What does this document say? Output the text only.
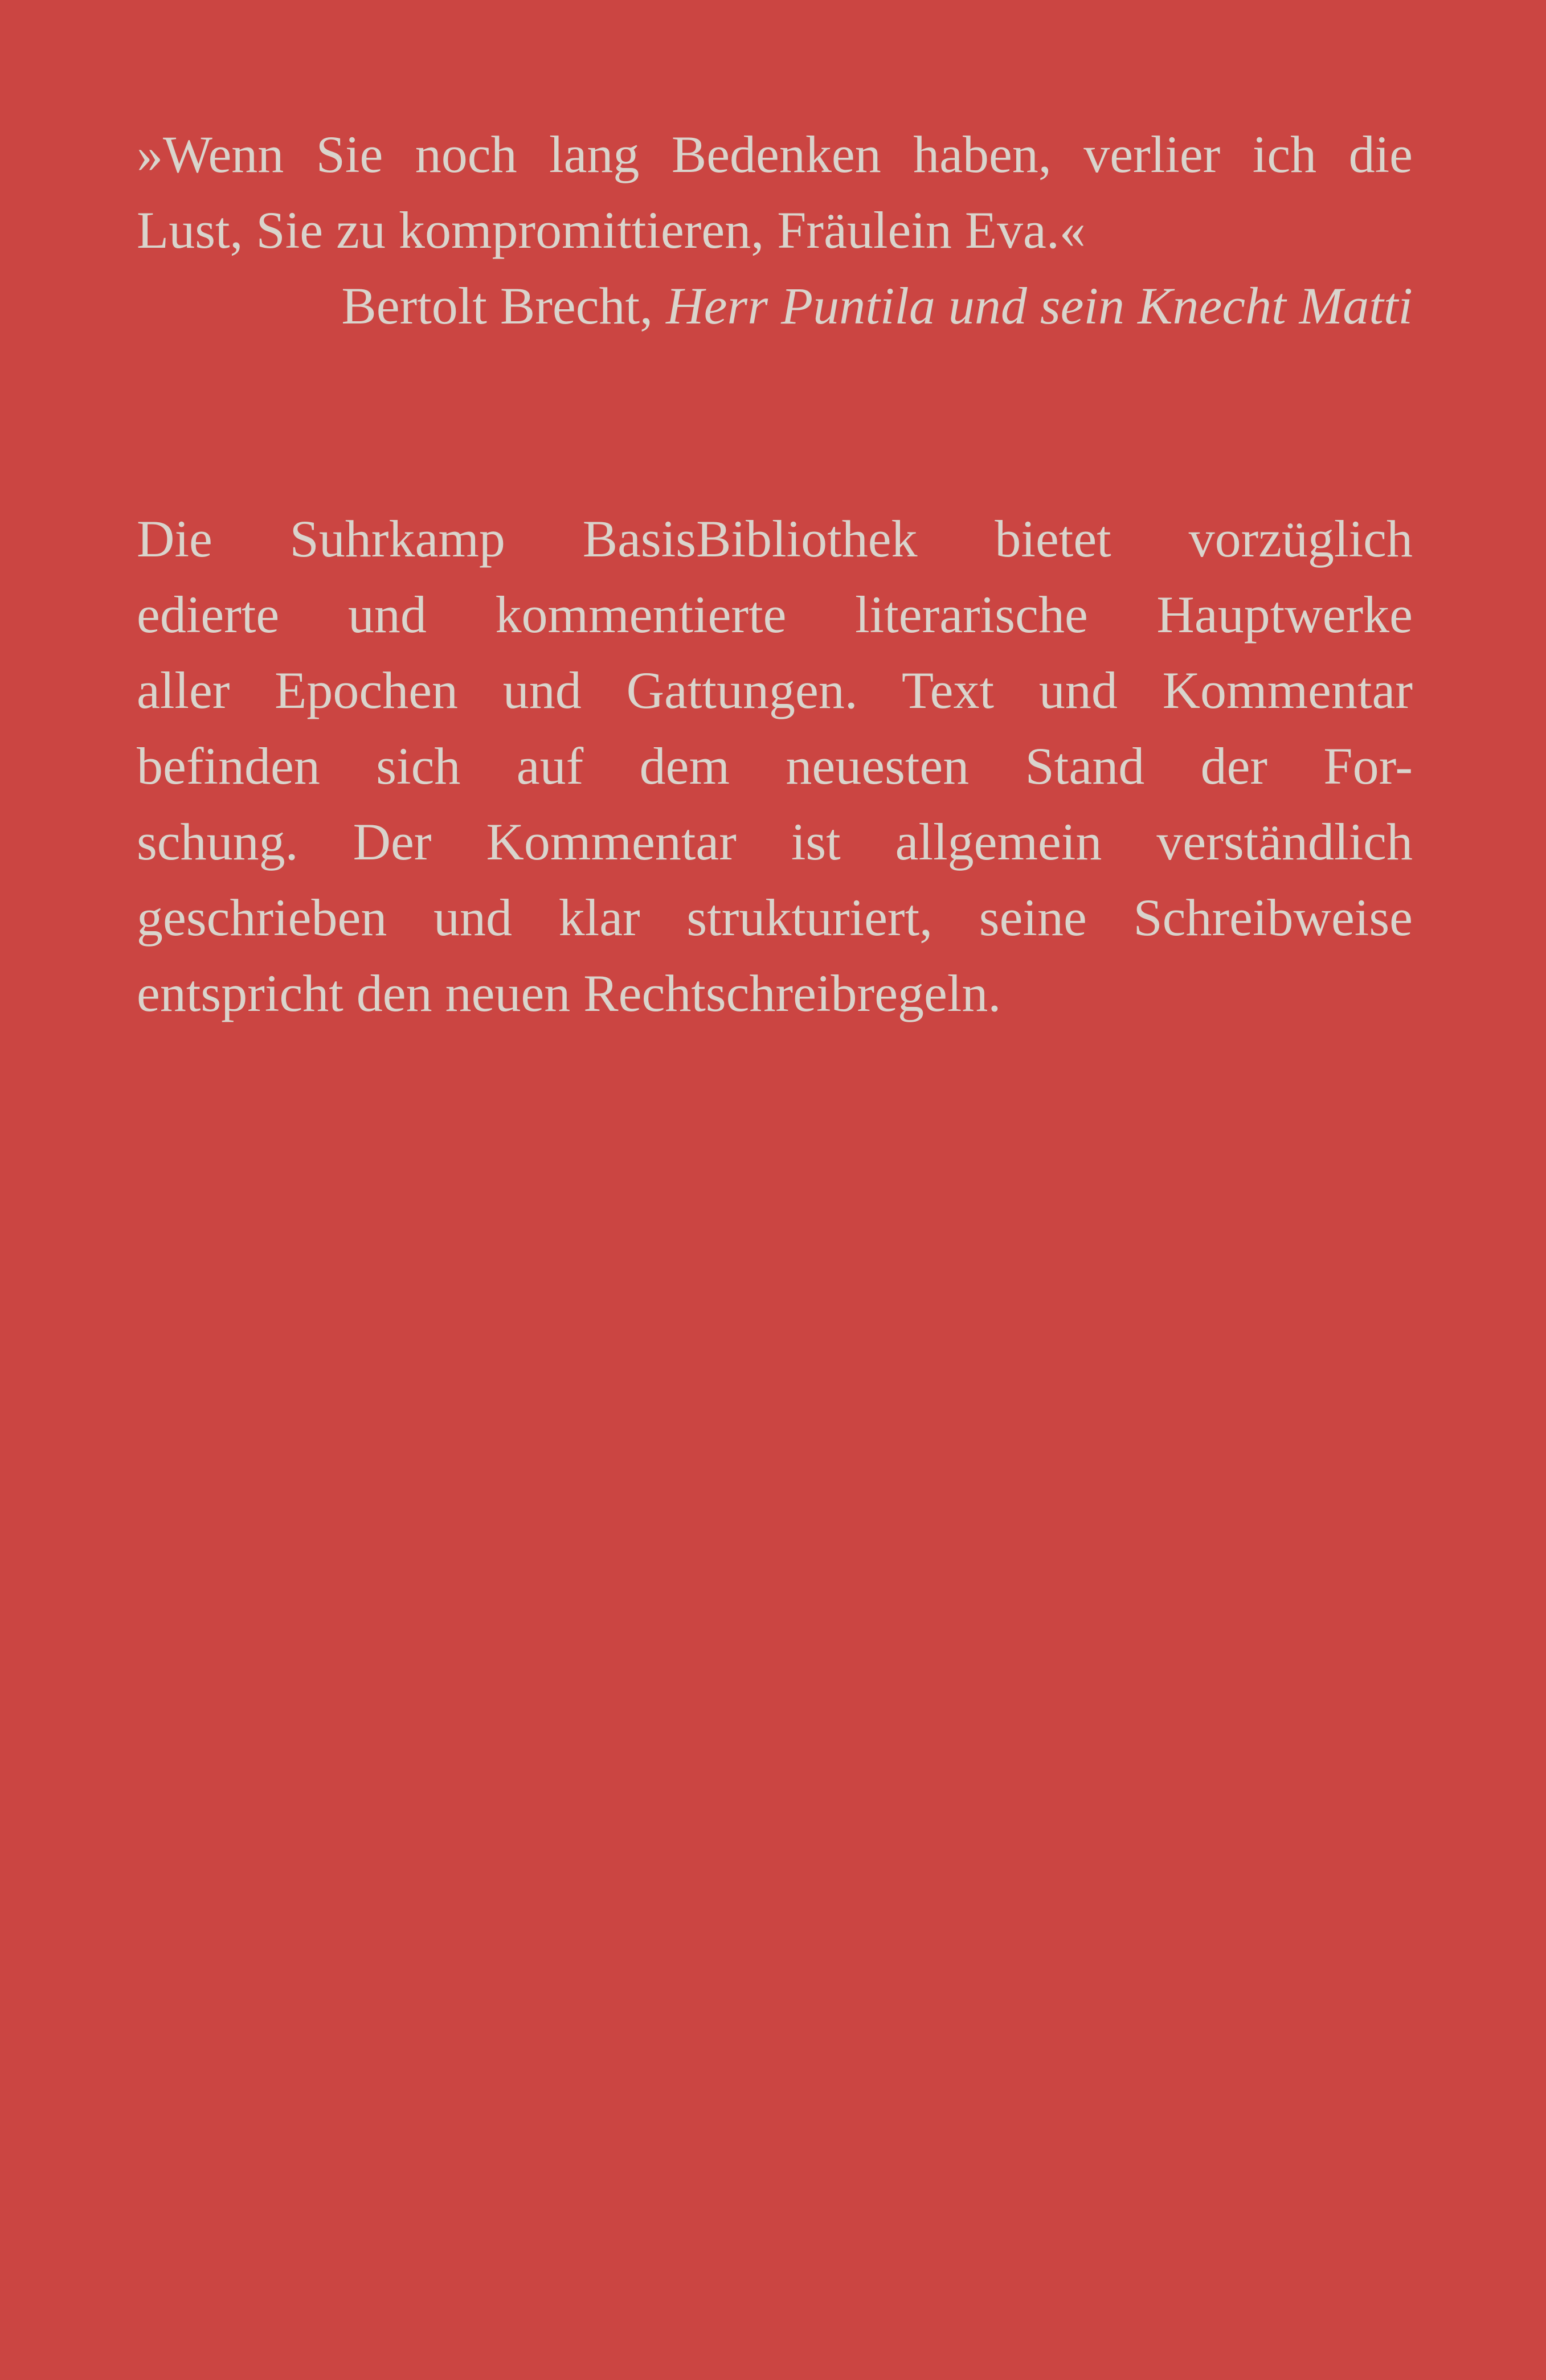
»Wenn Sie noch lang Bedenken haben, verlier ich die
Lust, Sie zu kompromittieren, Fräulein Eva.«
Bertolt Brecht, Herr Puntila und sein Knecht Matti
Die Suhrkamp BasisBibliothek bietet vorzüglich
edierte und kommentierte literarische Hauptwerke
aller Epochen und Gattungen. Text und Kommentar
befinden sich auf dem neuesten Stand der For-
schung. Der Kommentar ist allgemein verständlich
geschrieben und klar strukturiert, seine Schreibweise
entspricht den neuen Rechtschreibregeln.
